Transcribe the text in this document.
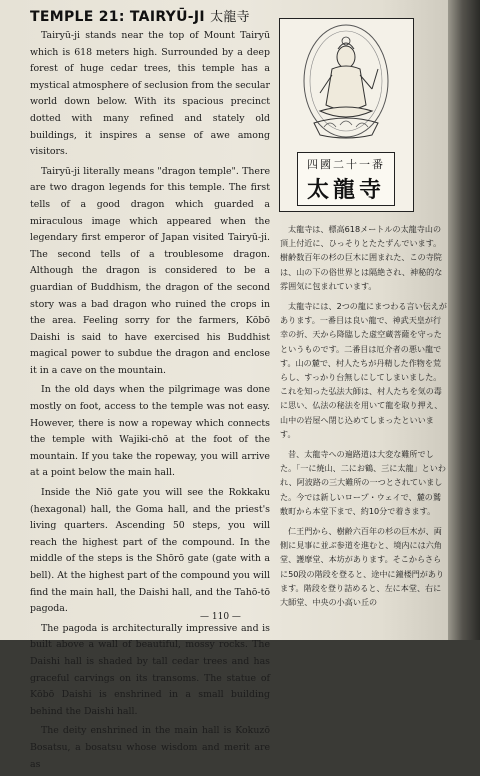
TEMPLE 21: TAIRYŪ-JI 太龍寺

Tairyū-ji stands near the top of Mount Tairyū which is 618 meters high. Surrounded by a deep forest of huge cedar trees, this temple has a mystical atmosphere of seclusion from the secular world down below. With its spacious precinct dotted with many refined and stately old buildings, it inspires a sense of awe among visitors.

Tairyū-ji literally means "dragon temple". There are two dragon legends for this temple. The first tells of a good dragon which guarded a miraculous image which appeared when the legendary first emperor of Japan visited Tairyū-ji. The second tells of a troublesome dragon. Although the dragon is considered to be a guardian of Buddhism, the dragon of the second story was a bad dragon who ruined the crops in the area. Feeling sorry for the farmers, Kōbō Daishi is said to have exercised his Buddhist magical power to subdue the dragon and enclose it in a cave on the mountain.

In the old days when the pilgrimage was done mostly on foot, access to the temple was not easy. However, there is now a ropeway which connects the temple with Wajiki-chō at the foot of the mountain. If you take the ropeway, you will arrive at a point below the main hall.

Inside the Niō gate you will see the Rokkaku (hexagonal) hall, the Goma hall, and the priest's living quarters. Ascending 50 steps, you will reach the highest part of the compound. In the middle of the steps is the Shōrō gate (gate with a bell). At the highest part of the compound you will find the main hall, the Daishi hall, and the Tahō-tō pagoda.

The pagoda is architecturally impressive and is built above a wall of beautiful, mossy rocks. The Daishi hall is shaded by tall cedar trees and has graceful carvings on its transoms. The statue of Kōbō Daishi is enshrined in a small building behind the Daishi hall.

The deity enshrined in the main hall is Kokuzō Bosatsu, a bosatsu whose wisdom and merit are as

四國二十一番
太龍寺

太龍寺は、標高618メートルの太龍寺山の頂上付近に、ひっそりとたたずんでいます。樹齢数百年の杉の巨木に囲まれた、この寺院は、山の下の俗世界とは隔絶され、神秘的な雰囲気に包まれています。

太龍寺には、2つの龍にまつわる言い伝えがあります。一番目は良い龍で、神武天皇が行幸の折、天から降臨した虚空蔵菩薩を守ったというものです。二番目は厄介者の悪い龍です。山の麓で、村人たちが丹精した作物を荒らし、すっかり台無しにしてしまいました。これを知った弘法大師は、村人たちを気の毒に思い、仏法の秘法を用いて龍を取り押え、山中の岩屋へ閉じ込めてしまったといいます。

昔、太龍寺への遍路道は大変な難所でした。「一に焼山、二にお鶴、三に太龍」といわれ、阿波路の三大難所の一つとされていました。今では新しいロープ・ウェイで、麓の鷲敷町から本堂下まで、約10分で着きます。

仁王門から、樹齢六百年の杉の巨木が、両側に見事に並ぶ参道を進むと、境内には六角堂、護摩堂、本坊があります。そこからさらに50段の階段を登ると、途中に鐘楼門があります。階段を登り詰めると、左に本堂、右に大師堂、中央の小高い丘の

— 110 —
